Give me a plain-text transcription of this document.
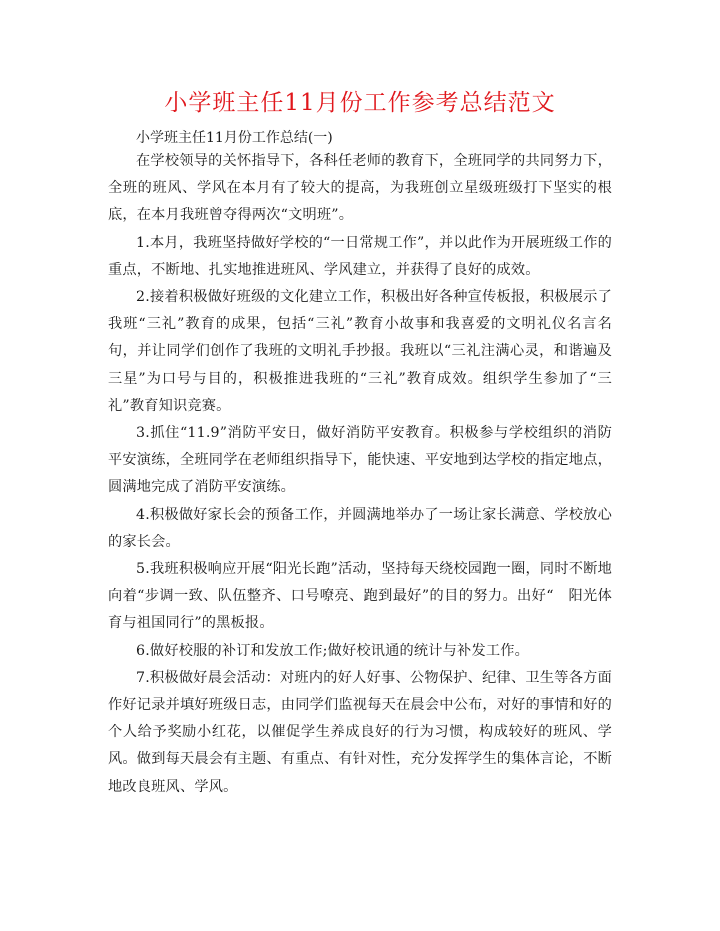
小学班主任11月份工作参考总结范文

小学班主任11月份工作总结(一)

在学校领导的关怀指导下，各科任老师的教育下，全班同学的共同努力下，全班的班风、学风在本月有了较大的提高，为我班创立星级班级打下坚实的根底，在本月我班曾夺得两次“文明班”。

1.本月，我班坚持做好学校的“一日常规工作”，并以此作为开展班级工作的重点，不断地、扎实地推进班风、学风建立，并获得了良好的成效。

2.接着积极做好班级的文化建立工作，积极出好各种宣传板报，积极展示了我班“三礼”教育的成果，包括“三礼”教育小故事和我喜爱的文明礼仪名言名句，并让同学们创作了我班的文明礼手抄报。我班以“三礼注满心灵，和谐遍及三星”为口号与目的，积极推进我班的“三礼”教育成效。组织学生参加了“三礼”教育知识竞赛。

3.抓住“11.9”消防平安日，做好消防平安教育。积极参与学校组织的消防平安演练，全班同学在老师组织指导下，能快速、平安地到达学校的指定地点，圆满地完成了消防平安演练。

4.积极做好家长会的预备工作，并圆满地举办了一场让家长满意、学校放心的家长会。

5.我班积极响应开展“阳光长跑”活动，坚持每天绕校园跑一圈，同时不断地向着“步调一致、队伍整齐、口号嘹亮、跑到最好”的目的努力。出好“　阳光体育与祖国同行”的黑板报。

6.做好校服的补订和发放工作;做好校讯通的统计与补发工作。

7.积极做好晨会活动：对班内的好人好事、公物保护、纪律、卫生等各方面作好记录并填好班级日志，由同学们监视每天在晨会中公布，对好的事情和好的个人给予奖励小红花，以催促学生养成良好的行为习惯，构成较好的班风、学风。做到每天晨会有主题、有重点、有针对性，充分发挥学生的集体言论，不断地改良班风、学风。
